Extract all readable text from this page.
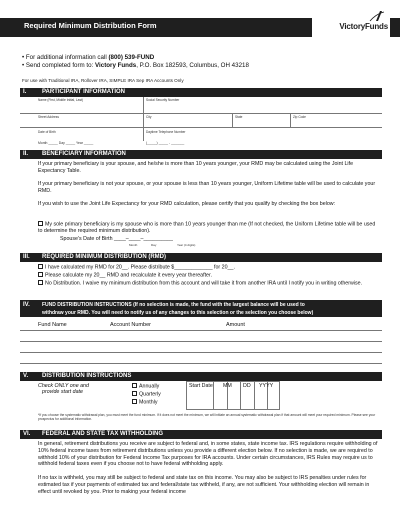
Required Minimum Distribution Form	VictoryFunds
• For additional information call (800) 539-FUND
• Send completed form to: Victory Funds, P.O. Box 182593, Columbus, OH 43218
For use with Traditional IRA, Rollover IRA, SIMPLE IRA Sep IRA Accounts Only
I.	PARTICIPANT INFORMATION
Name (First, Middle Initial, Last)	Social Security Number
Street Address	City	State	Zip Code
Date of Birth	Daytime Telephone Number
Month _____ Day _____ Year _____	(_____) _____ - _______
II. BENEFICIARY INFORMATION
If your primary beneficiary is your spouse, and he/she is more than 10 years younger, your RMD may be calculated using the Joint Life Expectancy Table.
If your primary beneficiary is not your spouse, or your spouse is less than 10 years younger, Uniform Lifetime table will be used to calculate your RMD.
If you wish to use the Joint Life Expectancy for your RMD calculation, please certify that you qualify by checking the box below:
My sole primary beneficiary is my spouse who is more than 10 years younger than me (If not checked, the Uniform Lifetime table will be used to determine the required minimum distribution).
Spouse's Date of Birth ____–____–__________
Month	Day	Year (4 digits)
III. REQUIRED MINIMUM DISTRIBUTION (RMD)
I have calculated my RMD for 20__. Please distribute $_____________ for 20__.
Please calculate my 20__ RMD and recalculate it every year thereafter.
No Distribution. I waive my minimum distribution from this account and will take it from another IRA until I notify you in writing otherwise.
IV. FUND DISTRIBUTION INSTRUCTIONS (If no selection is made, the fund with the largest balance will be used to
withdraw your RMD. You will need to notify us of any changes to this selection or the selection you choose below)
Fund Name	Account Number	Amount
V. DISTRIBUTION INSTRUCTIONS
Check ONLY one and
provide start date
Annually
Quarterly
Monthly
Start Date MM DD YYYY
*If you choose the systematic withdrawal plan, you must meet the fund minimum. If it does not meet the minimum, we will initiate an annual systematic withdrawal plan if that amount will meet your required minimum. Please see your prospectus for additional information.
VI. FEDERAL AND STATE TAX WITHHOLDING
In general, retirement distributions you receive are subject to federal and, in some states, state income tax. IRS regulations require withholding of 10% federal income taxes from retirement distributions unless you provide a different election below. If no selection is made, we are required to withhold 10% of your distribution for Federal Income Tax purposes for IRA accounts. Under certain circumstances, IRS Rules may require us to withhold federal taxes even if you choose not to have federal withholding apply.
If no tax is withheld, you may still be subject to federal and state tax on this income. You may also be subject to IRS penalties under rules for estimated tax if your payments of estimated tax and federal/state tax withheld, if any, are not sufficient. Your withholding election will remain in effect until revoked by you. Prior to making your federal income
